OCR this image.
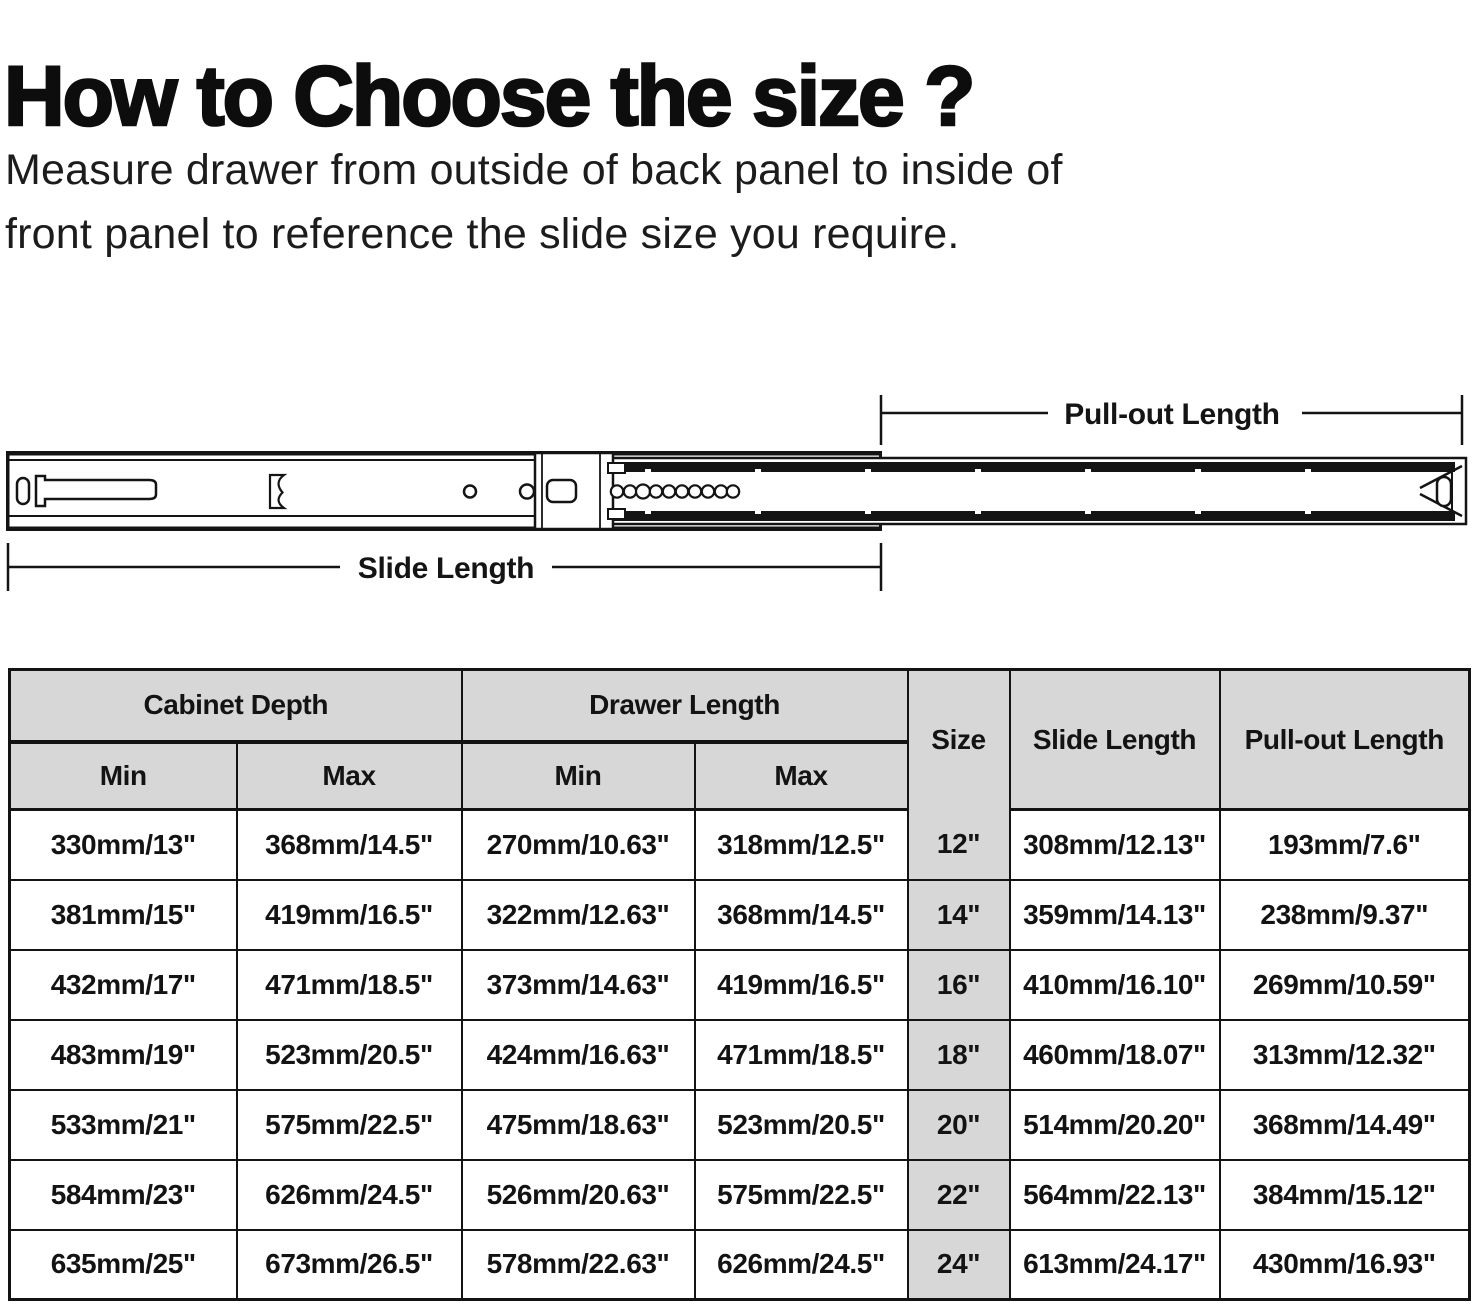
How to Choose the size ?
Measure drawer from outside of back panel to inside of
front panel to reference the slide size you require.
Pull-out Length
Slide Length
Cabinet Depth		Drawer Length		Size	Slide Length	Pull-out Length
Min	Max	Min	Max			
330mm/13"	368mm/14.5"	270mm/10.63"	318mm/12.5"	12"	308mm/12.13"	193mm/7.6"
381mm/15"	419mm/16.5"	322mm/12.63"	368mm/14.5"	14"	359mm/14.13"	238mm/9.37"
432mm/17"	471mm/18.5"	373mm/14.63"	419mm/16.5"	16"	410mm/16.10"	269mm/10.59"
483mm/19"	523mm/20.5"	424mm/16.63"	471mm/18.5"	18"	460mm/18.07"	313mm/12.32"
533mm/21"	575mm/22.5"	475mm/18.63"	523mm/20.5"	20"	514mm/20.20"	368mm/14.49"
584mm/23"	626mm/24.5"	526mm/20.63"	575mm/22.5"	22"	564mm/22.13"	384mm/15.12"
635mm/25"	673mm/26.5"	578mm/22.63"	626mm/24.5"	24"	613mm/24.17"	430mm/16.93"
